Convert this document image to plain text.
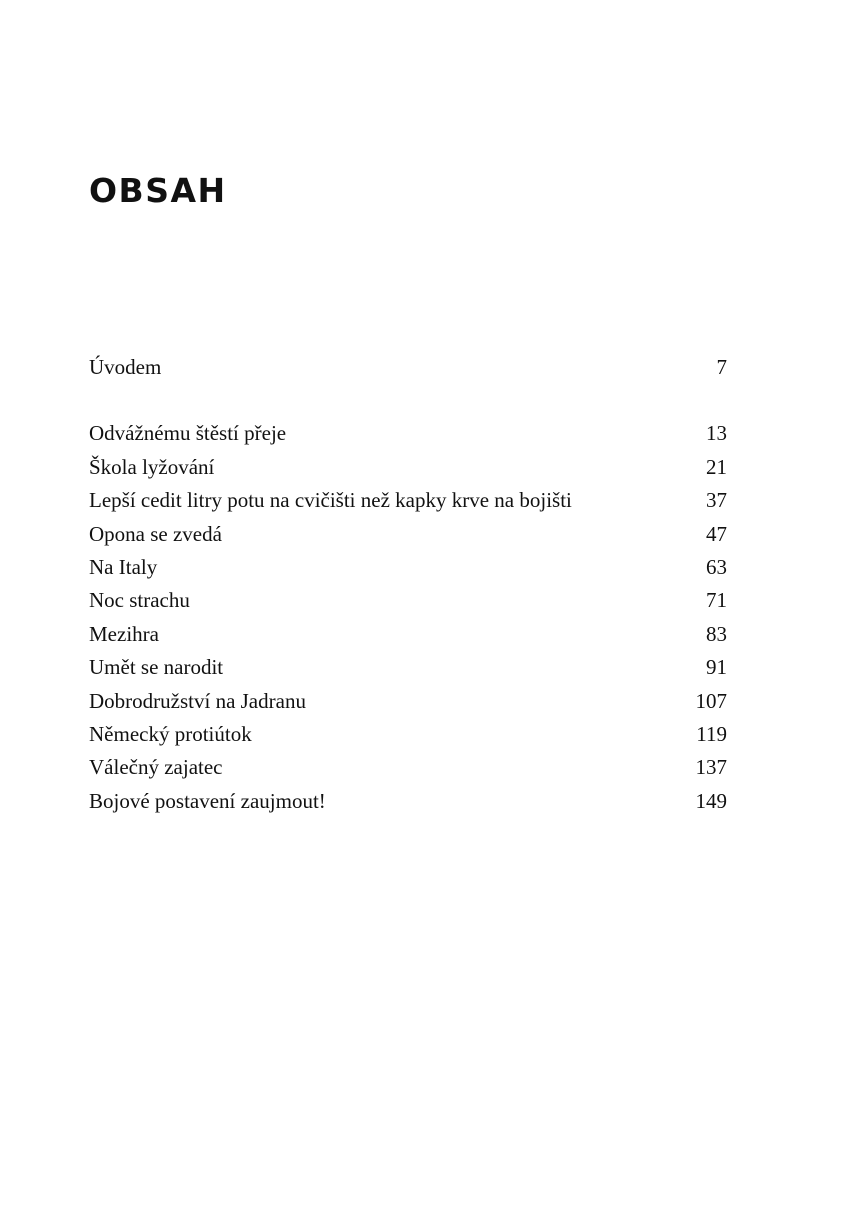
OBSAH
Úvodem	7
Odvážnému štěstí přeje	13
Škola lyžování	21
Lepší cedit litry potu na cvičišti než kapky krve na bojišti	37
Opona se zvedá	47
Na Italy	63
Noc strachu	71
Mezihra	83
Umět se narodit	91
Dobrodružství na Jadranu	107
Německý protiútok	119
Válečný zajatec	137
Bojové postavení zaujmout!	149
